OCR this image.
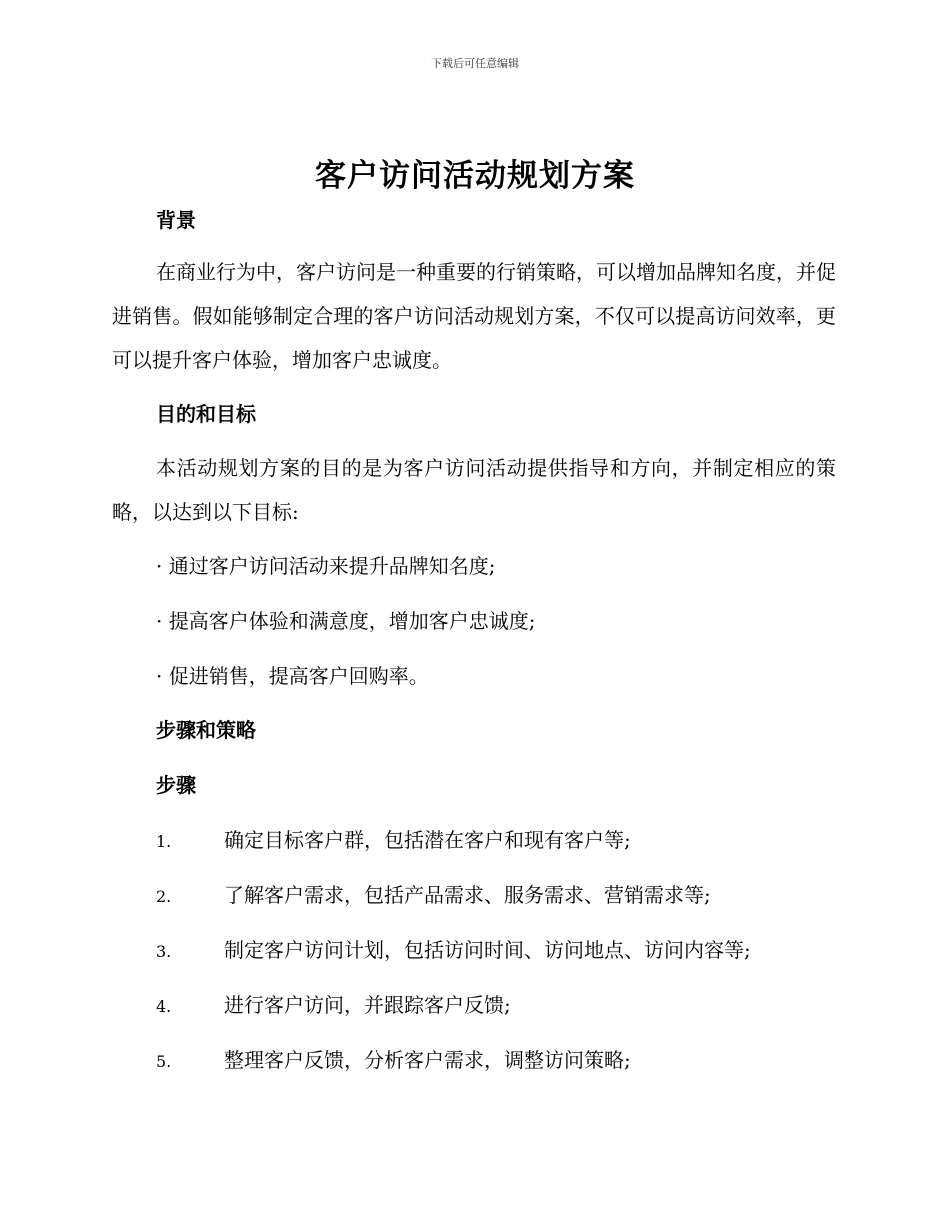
下载后可任意编辑
客户访问活动规划方案
背景
在商业行为中，客户访问是一种重要的行销策略，可以增加品牌知名度，并促进销售。假如能够制定合理的客户访问活动规划方案，不仅可以提高访问效率，更可以提升客户体验，增加客户忠诚度。
目的和目标
本活动规划方案的目的是为客户访问活动提供指导和方向，并制定相应的策略，以达到以下目标:
· 通过客户访问活动来提升品牌知名度;
· 提高客户体验和满意度，增加客户忠诚度;
· 促进销售，提高客户回购率。
步骤和策略
步骤
1.	确定目标客户群，包括潜在客户和现有客户等;
2.	了解客户需求，包括产品需求、服务需求、营销需求等;
3.	制定客户访问计划，包括访问时间、访问地点、访问内容等;
4.	进行客户访问，并跟踪客户反馈;
5.	整理客户反馈，分析客户需求，调整访问策略;
